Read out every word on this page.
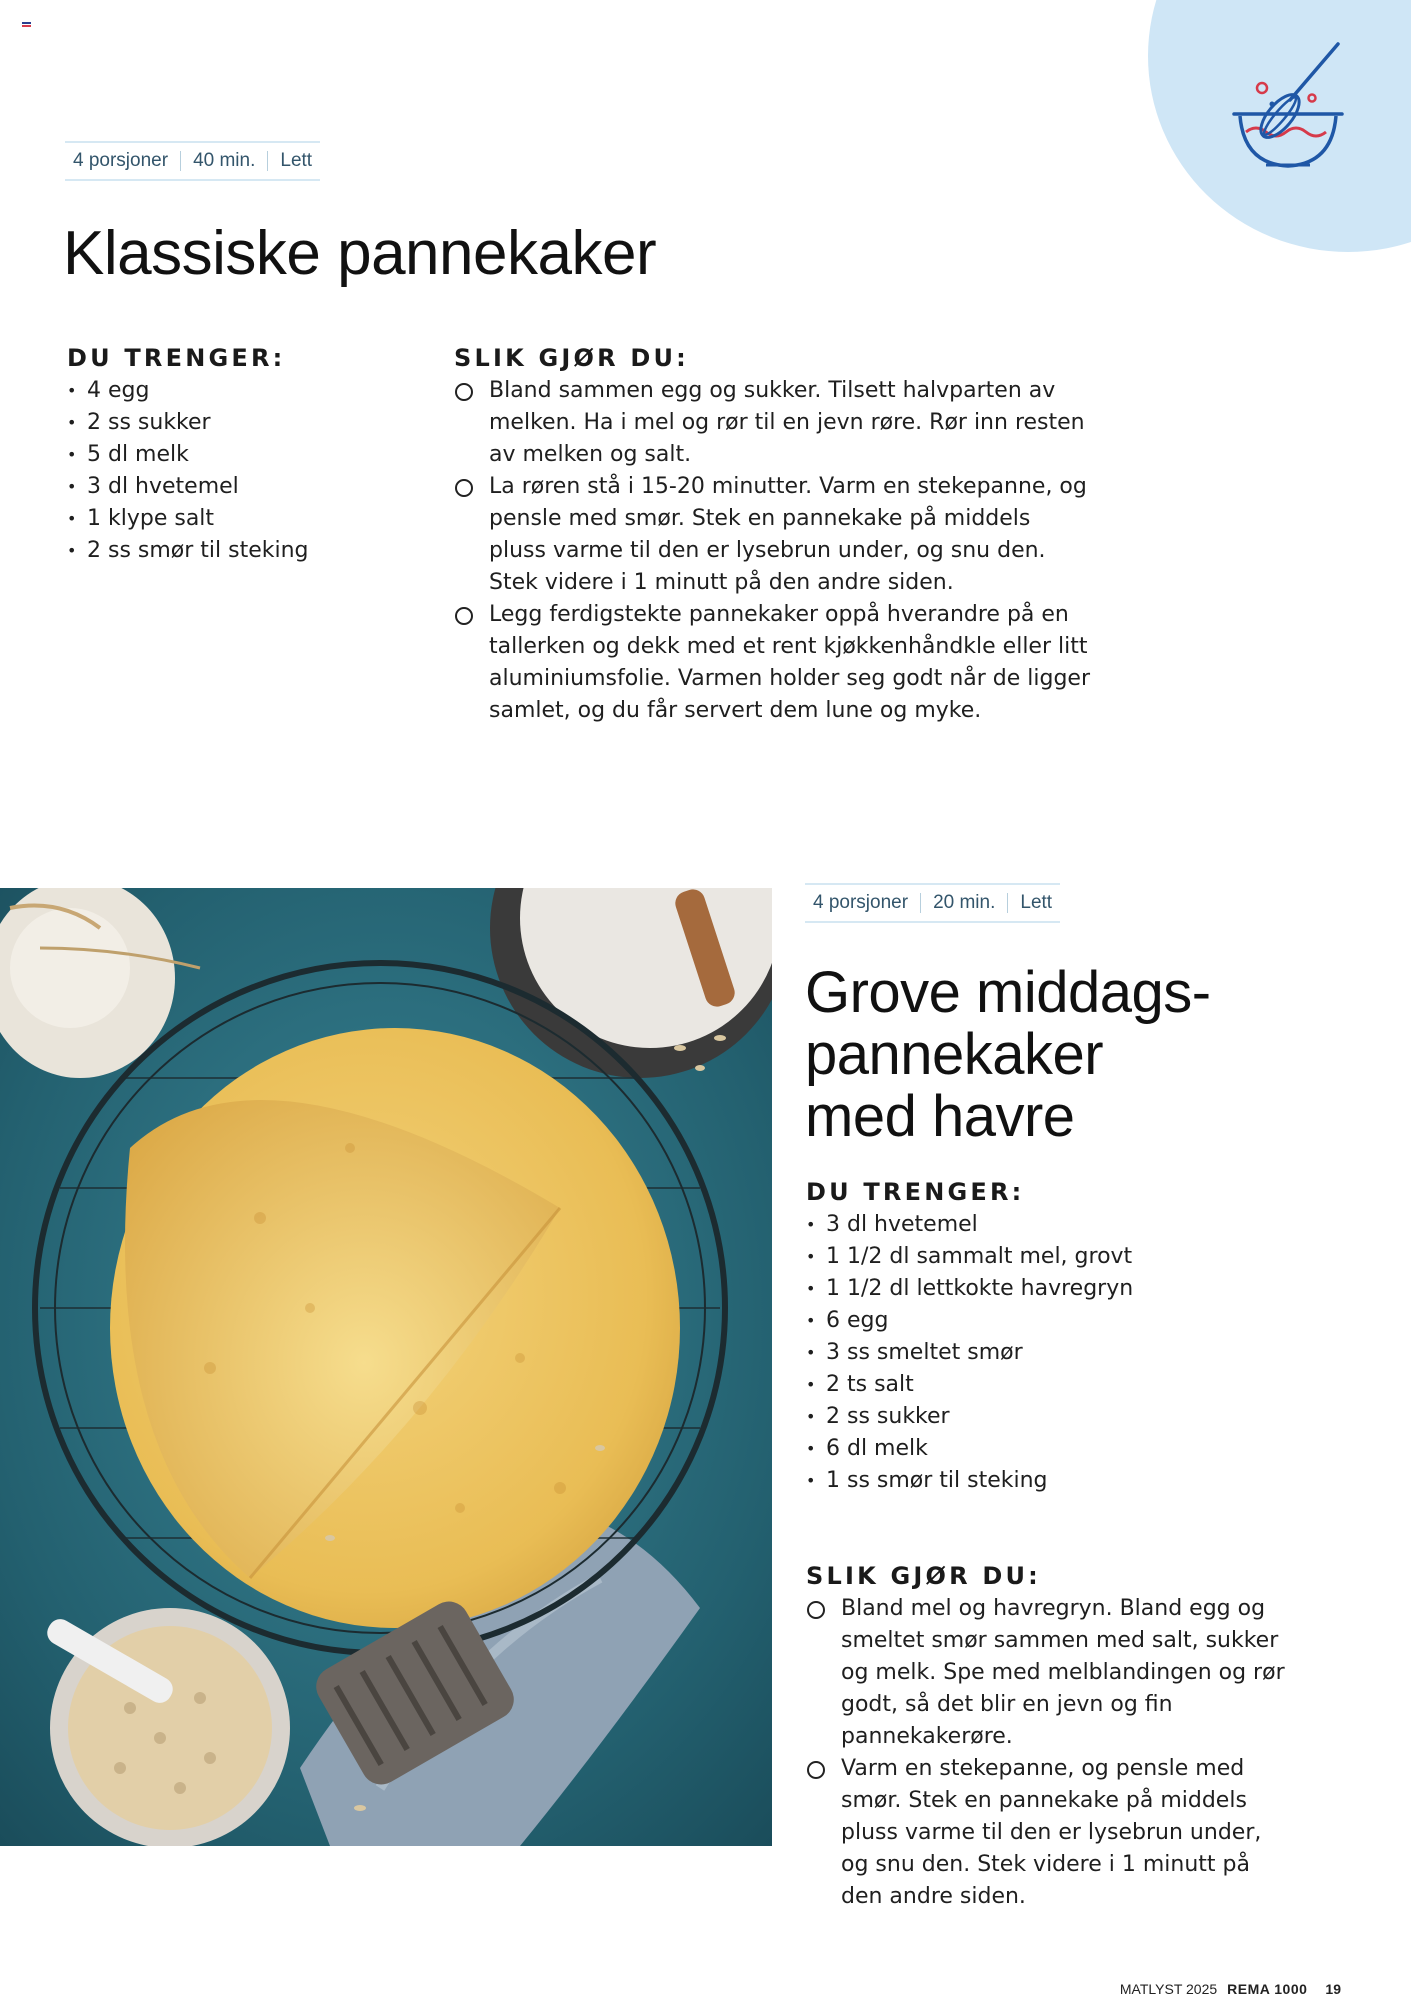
4 porsjoner 40 min. Lett
Klassiske pannekaker
DU TRENGER:
• 4 egg
• 2 ss sukker
• 5 dl melk
• 3 dl hvetemel
• 1 klype salt
• 2 ss smør til steking
SLIK GJØR DU:
Bland sammen egg og sukker. Tilsett halvparten av melken. Ha i mel og rør til en jevn røre. Rør inn resten av melken og salt.
La røren stå i 15-20 minutter. Varm en stekepanne, og pensle med smør. Stek en pannekake på middels pluss varme til den er lysebrun under, og snu den. Stek videre i 1 minutt på den andre siden.
Legg ferdigstekte pannekaker oppå hverandre på en tallerken og dekk med et rent kjøkkenhåndkle eller litt aluminiumsfolie. Varmen holder seg godt når de ligger samlet, og du får servert dem lune og myke.
4 porsjoner 20 min. Lett
Grove middags-
pannekaker
med havre
DU TRENGER:
• 3 dl hvetemel
• 1 1/2 dl sammalt mel, grovt
• 1 1/2 dl lettkokte havregryn
• 6 egg
• 3 ss smeltet smør
• 2 ts salt
• 2 ss sukker
• 6 dl melk
• 1 ss smør til steking
SLIK GJØR DU:
Bland mel og havregryn. Bland egg og smeltet smør sammen med salt, sukker og melk. Spe med melblandingen og rør godt, så det blir en jevn og fin pannekakerøre.
Varm en stekepanne, og pensle med smør. Stek en pannekake på middels pluss varme til den er lysebrun under, og snu den. Stek videre i 1 minutt på den andre siden.
MATLYST 2025 REMA 1000 19
